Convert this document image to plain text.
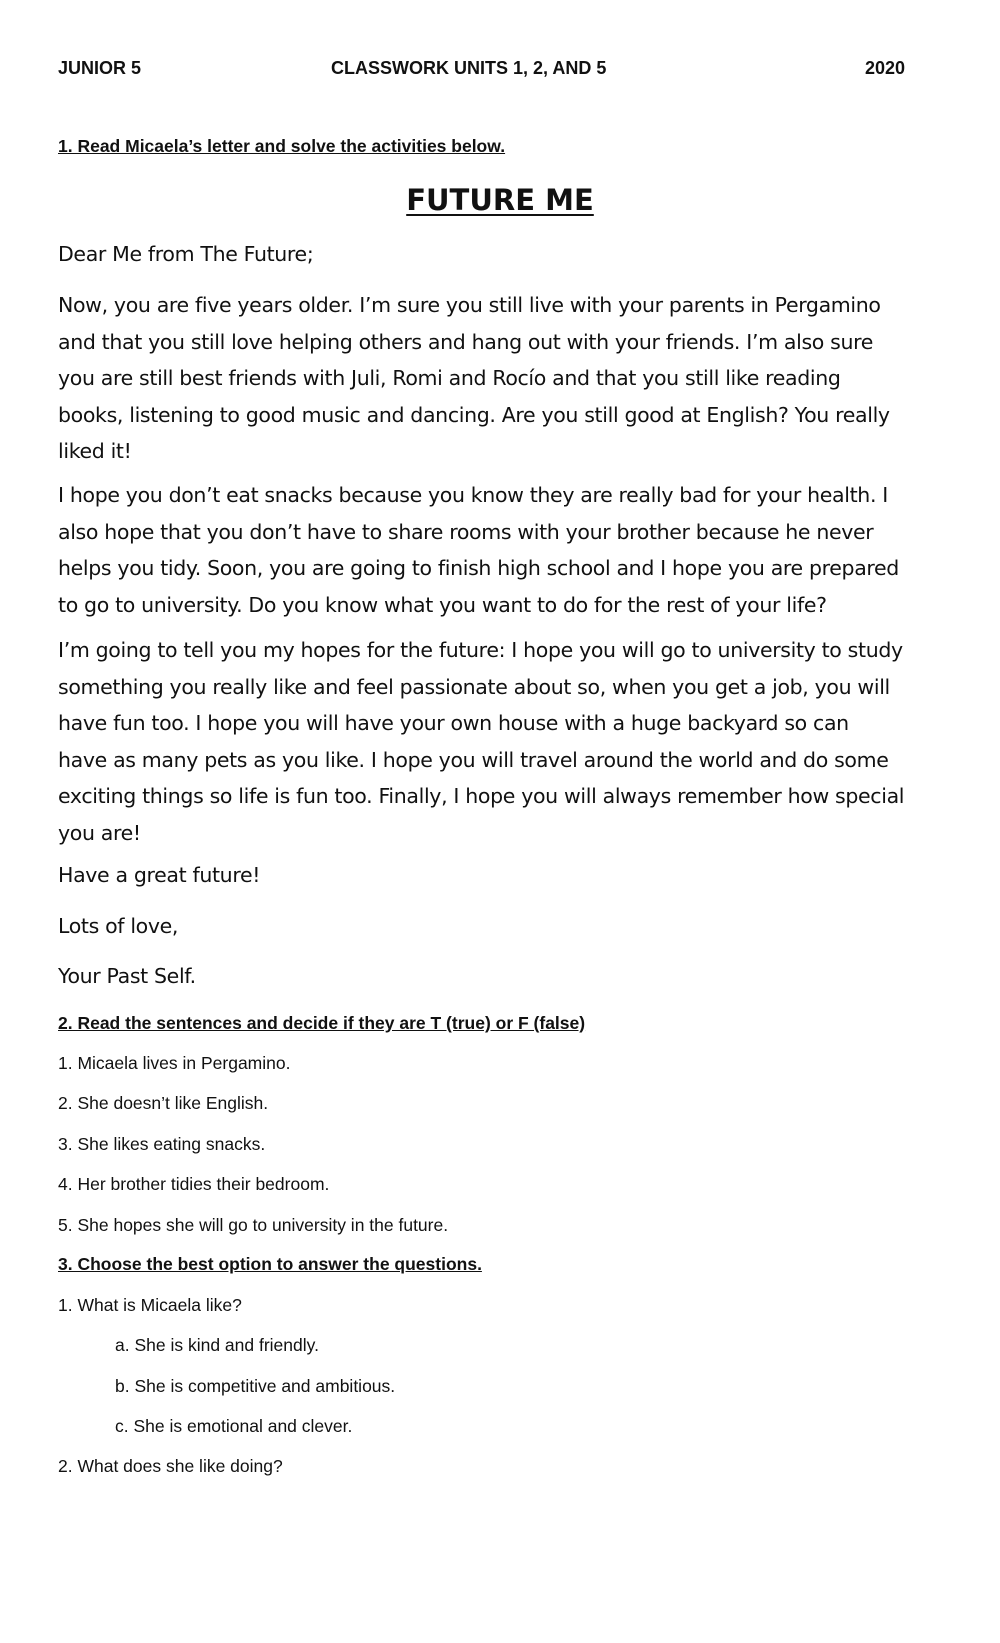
JUNIOR 5	CLASSWORK UNITS 1, 2, AND 5	2020
1. Read Micaela’s letter and solve the activities below.
FUTURE ME

Dear Me from The Future;

Now, you are five years older. I’m sure you still live with your parents in Pergamino
and that you still love helping others and hang out with your friends. I’m also sure
you are still best friends with Juli, Romi and Rocío and that you still like reading
books, listening to good music and dancing. Are you still good at English? You really
liked it!

I hope you don’t eat snacks because you know they are really bad for your health. I
also hope that you don’t have to share rooms with your brother because he never
helps you tidy. Soon, you are going to finish high school and I hope you are prepared
to go to university. Do you know what you want to do for the rest of your life?

I’m going to tell you my hopes for the future: I hope you will go to university to study
something you really like and feel passionate about so, when you get a job, you will
have fun too. I hope you will have your own house with a huge backyard so can
have as many pets as you like. I hope you will travel around the world and do some
exciting things so life is fun too. Finally, I hope you will always remember how special
you are!

Have a great future!
Lots of love,
Your Past Self.
2. Read the sentences and decide if they are T (true) or F (false)
1. Micaela lives in Pergamino.
2. She doesn’t like English.
3. She likes eating snacks.
4. Her brother tidies their bedroom.
5. She hopes she will go to university in the future.
3. Choose the best option to answer the questions.
1. What is Micaela like?
a. She is kind and friendly.
b. She is competitive and ambitious.
c. She is emotional and clever.
2. What does she like doing?
